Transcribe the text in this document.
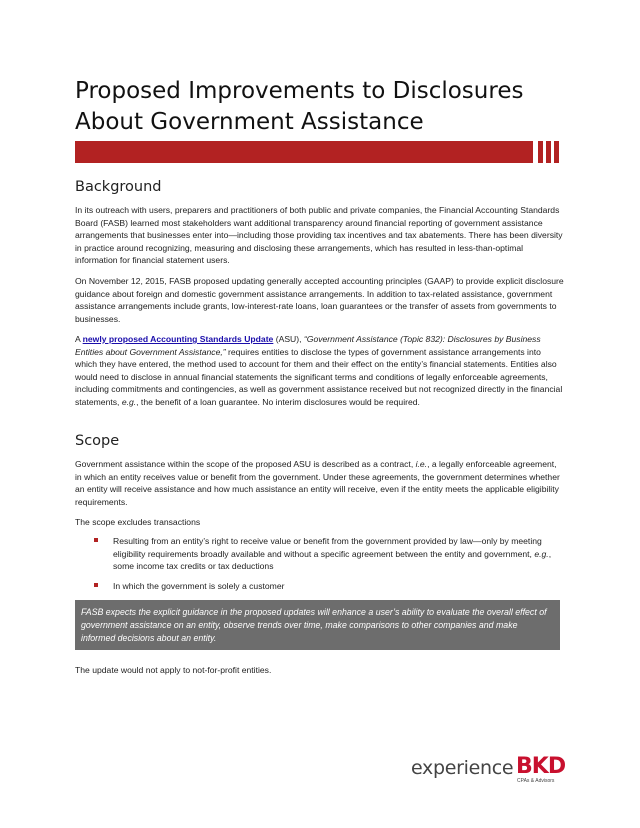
Proposed Improvements to Disclosures
About Government Assistance
Background

In its outreach with users, preparers and practitioners of both public and private companies, the Financial Accounting Standards Board (FASB) learned most stakeholders want additional transparency around financial reporting of government assistance arrangements that businesses enter into—including those providing tax incentives and tax abatements. There has been diversity in practice around recognizing, measuring and disclosing these arrangements, which has resulted in less-than-optimal information for financial statement users.

On November 12, 2015, FASB proposed updating generally accepted accounting principles (GAAP) to provide explicit disclosure guidance about foreign and domestic government assistance arrangements. In addition to tax-related assistance, government assistance arrangements include grants, low-interest-rate loans, loan guarantees or the transfer of assets from governments to businesses.

A newly proposed Accounting Standards Update (ASU), “Government Assistance (Topic 832): Disclosures by Business Entities about Government Assistance,” requires entities to disclose the types of government assistance arrangements into which they have entered, the method used to account for them and their effect on the entity’s financial statements. Entities also would need to disclose in annual financial statements the significant terms and conditions of legally enforceable agreements, including commitments and contingencies, as well as government assistance received but not recognized directly in the financial statements, e.g., the benefit of a loan guarantee. No interim disclosures would be required.

Scope

Government assistance within the scope of the proposed ASU is described as a contract, i.e., a legally enforceable agreement, in which an entity receives value or benefit from the government. Under these agreements, the government determines whether an entity will receive assistance and how much assistance an entity will receive, even if the entity meets the applicable eligibility requirements.

The scope excludes transactions

Resulting from an entity’s right to receive value or benefit from the government provided by law—only by meeting eligibility requirements broadly available and without a specific agreement between the entity and government, e.g., some income tax credits or tax deductions
In which the government is solely a customer
FASB expects the explicit guidance in the proposed updates will enhance a user’s ability to evaluate the overall effect of government assistance on an entity, observe trends over time, make comparisons to other companies and make informed decisions about an entity.

The update would not apply to not-for-profit entities.

experience BKD
CPAs & Advisors
